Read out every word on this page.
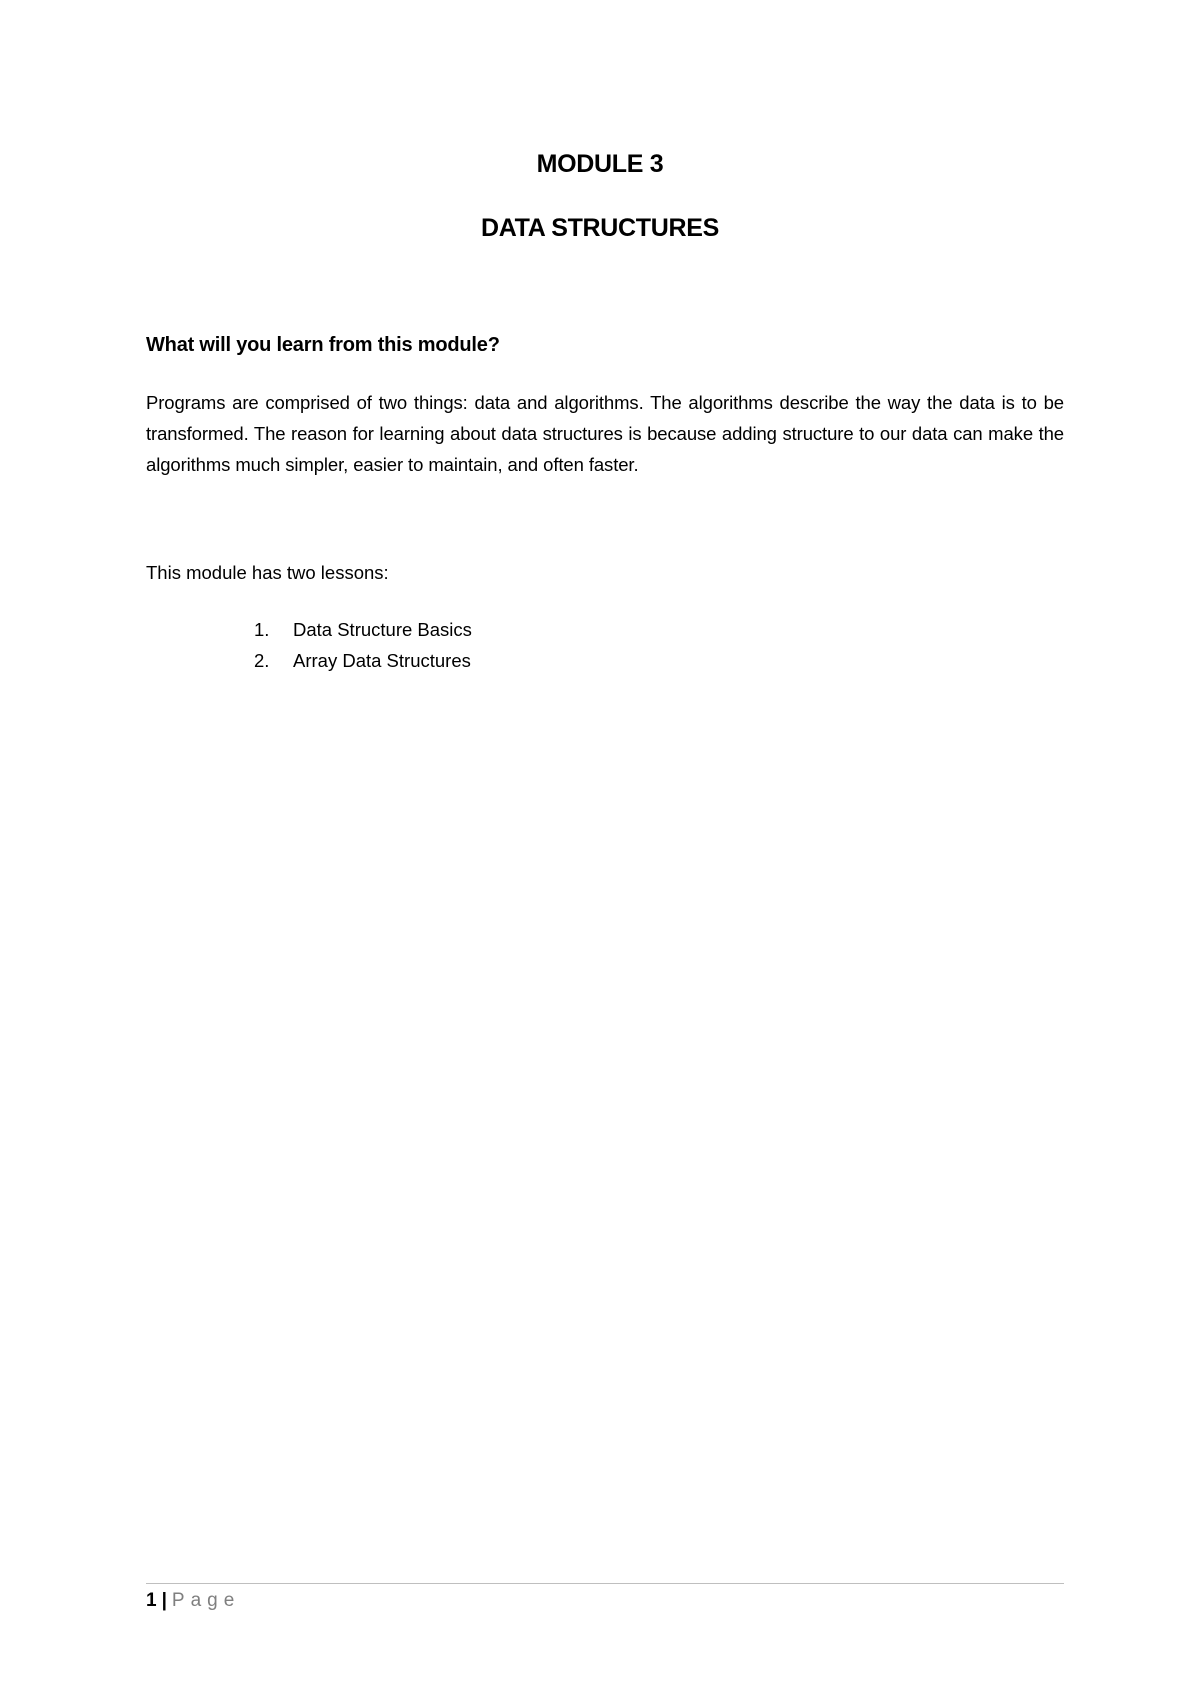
MODULE 3
DATA STRUCTURES
What will you learn from this module?
Programs are comprised of two things: data and algorithms. The algorithms describe the way the data is to be transformed. The reason for learning about data structures is because adding structure to our data can make the algorithms much simpler, easier to maintain, and often faster.
This module has two lessons:
1. Data Structure Basics
2. Array Data Structures
1 | Page
